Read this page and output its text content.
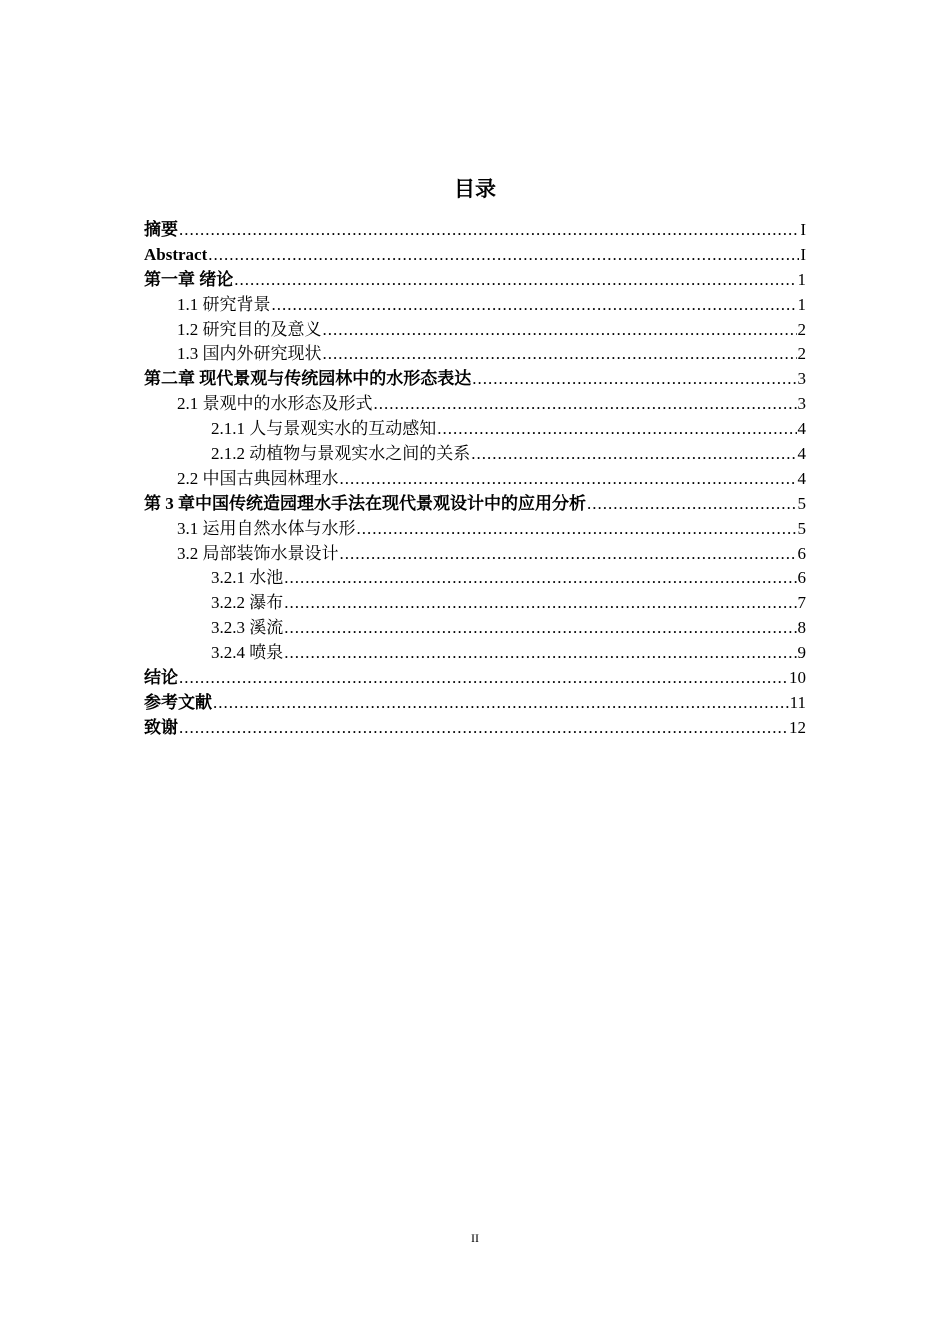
目录
摘要 .....	I
Abstract .....	I
第一章 绪论 .....	1
1.1 研究背景 .....	1
1.2 研究目的及意义 .....	2
1.3 国内外研究现状 .....	2
第二章 现代景观与传统园林中的水形态表达 .....	3
2.1 景观中的水形态及形式 .....	3
2.1.1 人与景观实水的互动感知 .....	4
2.1.2 动植物与景观实水之间的关系 .....	4
2.2 中国古典园林理水 .....	4
第 3 章中国传统造园理水手法在现代景观设计中的应用分析 .....	5
3.1 运用自然水体与水形 .....	5
3.2 局部装饰水景设计 .....	6
3.2.1 水池 .....	6
3.2.2 瀑布 .....	7
3.2.3 溪流 .....	8
3.2.4 喷泉 .....	9
结论 .....	10
参考文献 .....	11
致谢 .....	12
II
